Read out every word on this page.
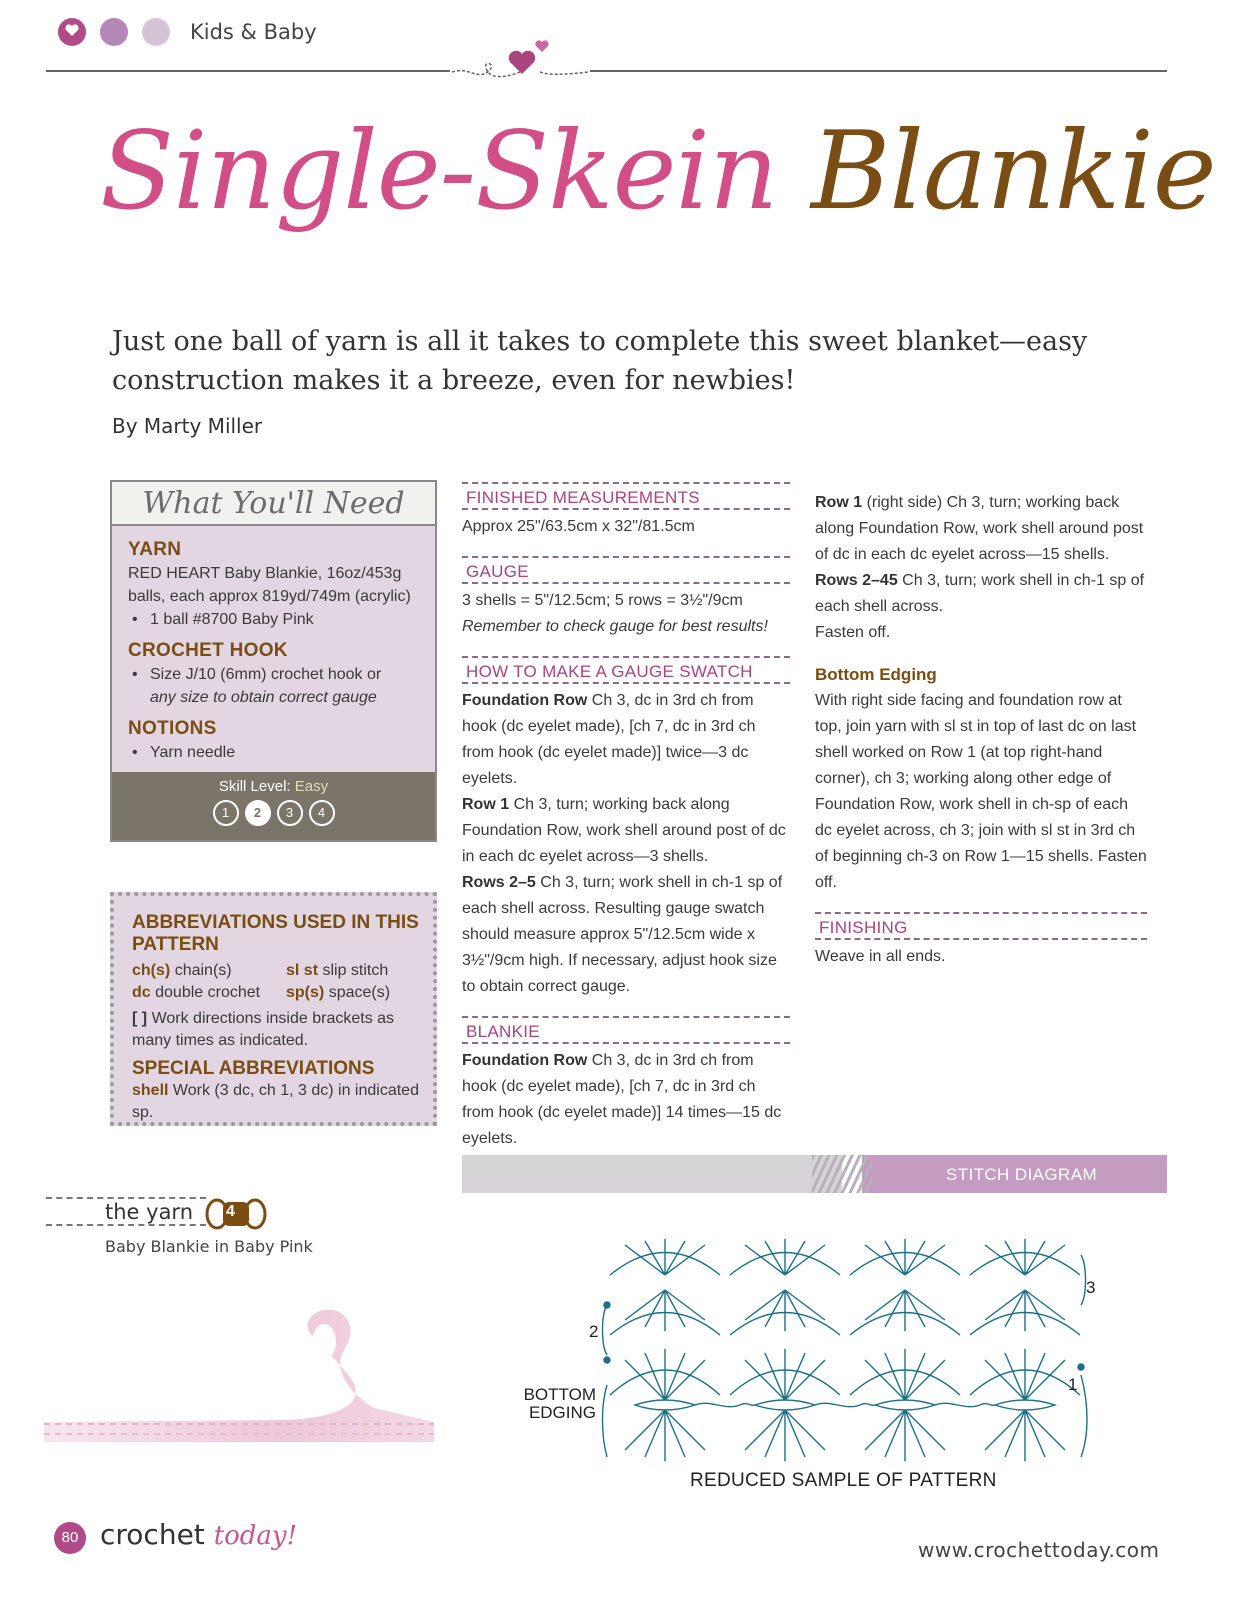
Kids & Baby
Single-Skein Blankie
Just one ball of yarn is all it takes to complete this sweet blanket—easy construction makes it a breeze, even for newbies!
By Marty Miller
What You'll Need
YARN

RED HEART Baby Blankie, 16oz/453g balls, each approx 819yd/749m (acrylic)

• 1 ball #8700 Baby Pink

CROCHET HOOK

• Size J/10 (6mm) crochet hook or

any size to obtain correct gauge

NOTIONS

• Yarn needle

Skill Level: Easy
1	2	3	4
ABBREVIATIONS USED IN THIS PATTERN
ch(s) chain(s)	sl st slip stitch
dc double crochet	sp(s) space(s)
[ ] Work directions inside brackets as many times as indicated.
SPECIAL ABBREVIATIONS
shell Work (3 dc, ch 1, 3 dc) in indicated sp.
FINISHED MEASUREMENTS

Approx 25"/63.5cm x 32"/81.5cm

GAUGE

3 shells = 5"/12.5cm; 5 rows = 3½"/9cm

Remember to check gauge for best results!

HOW TO MAKE A GAUGE SWATCH

Foundation Row Ch 3, dc in 3rd ch from hook (dc eyelet made), [ch 7, dc in 3rd ch from hook (dc eyelet made)] twice—3 dc eyelets.

Row 1 Ch 3, turn; working back along Foundation Row, work shell around post of dc in each dc eyelet across—3 shells.

Rows 2–5 Ch 3, turn; work shell in ch-1 sp of each shell across. Resulting gauge swatch should measure approx 5"/12.5cm wide x 3½"/9cm high. If necessary, adjust hook size to obtain correct gauge.

BLANKIE

Foundation Row Ch 3, dc in 3rd ch from hook (dc eyelet made), [ch 7, dc in 3rd ch from hook (dc eyelet made)] 14 times—15 dc eyelets.

Row 1 (right side) Ch 3, turn; working back along Foundation Row, work shell around post of dc in each dc eyelet across—15 shells.

Rows 2–45 Ch 3, turn; work shell in ch-1 sp of each shell across.

Fasten off.

Bottom Edging

With right side facing and foundation row at top, join yarn with sl st in top of last dc on last shell worked on Row 1 (at top right-hand corner), ch 3; working along other edge of Foundation Row, work shell in ch-sp of each dc eyelet across, ch 3; join with sl st in 3rd ch of beginning ch-3 on Row 1—15 shells. Fasten off.

FINISHING

Weave in all ends.

STITCH DIAGRAM
the yarn 4
Baby Blankie in Baby Pink
3
2
1
BOTTOM
EDGING
REDUCED SAMPLE OF PATTERN
80 crochet today!	www.crochettoday.com
